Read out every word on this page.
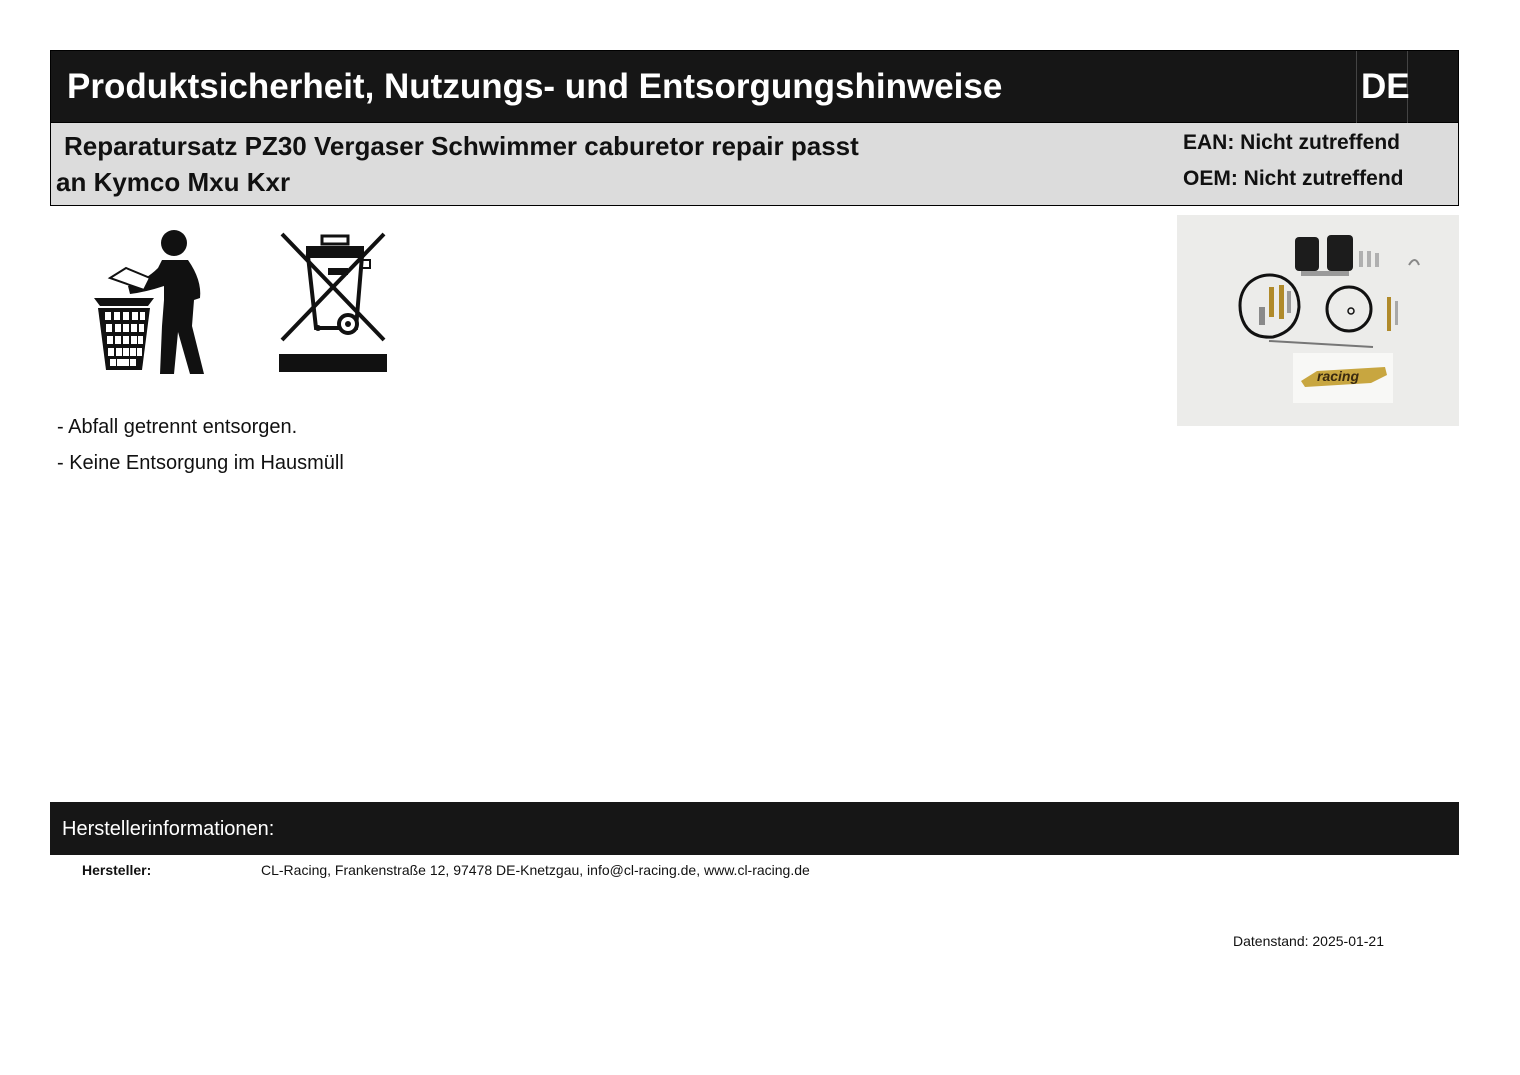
Produktsicherheit, Nutzungs- und Entsorgungshinweise	DE
Reparatursatz PZ30 Vergaser Schwimmer caburetor repair passt
an Kymco Mxu Kxr
EAN: Nicht zutreffend
OEM: Nicht zutreffend
racing
- Abfall getrennt entsorgen.
- Keine Entsorgung im Hausmüll
Herstellerinformationen:
Hersteller:	CL-Racing, Frankenstraße 12, 97478 DE-Knetzgau, info@cl-racing.de, www.cl-racing.de
Datenstand: 2025-01-21
